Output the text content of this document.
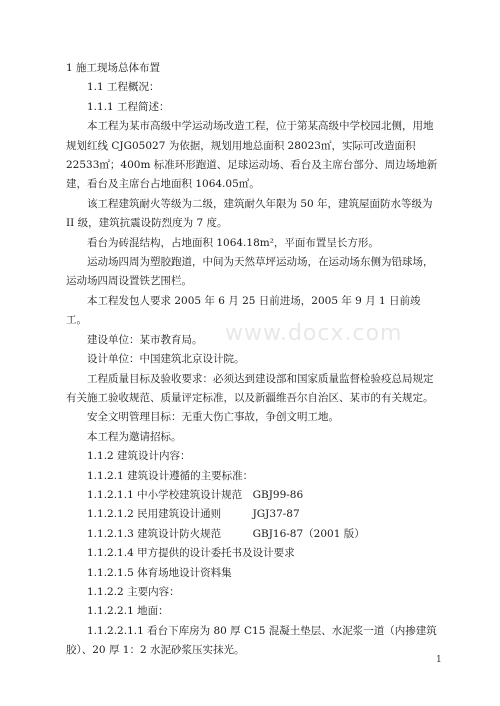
1 施工现场总体布置

1.1 工程概况：

1.1.1 工程简述：

本工程为某市高级中学运动场改造工程，位于第某高级中学校园北侧，用地规划红线 CJG05027 为依据，规划用地总面积 28023㎡，实际可改造面积 22533㎡；400m 标准环形跑道、足球运动场、看台及主席台部分、周边场地新建，看台及主席台占地面积 1064.05㎡。

该工程建筑耐火等级为二级，建筑耐久年限为 50 年，建筑屋面防水等级为 II 级，建筑抗震设防烈度为 7 度。

看台为砖混结构，占地面积 1064.18m²，平面布置呈长方形。

运动场四周为塑胶跑道，中间为天然草坪运动场，在运动场东侧为铅球场，运动场四周设置铁艺围栏。

本工程发包人要求 2005 年 6 月 25 日前进场，2005 年 9 月 1 日前竣工。

建设单位：某市教育局。

设计单位：中国建筑北京设计院。

工程质量目标及验收要求：必须达到建设部和国家质量监督检验疫总局规定有关施工验收规范、质量评定标准，以及新疆维吾尔自治区、某市的有关规定。

安全文明管理目标：无重大伤亡事故，争创文明工地。

本工程为邀请招标。

1.1.2 建筑设计内容：

1.1.2.1 建筑设计遵循的主要标准：

1.1.2.1.1 中小学校建筑设计规范　GBJ99-86

1.1.2.1.2 民用建筑设计通则　　　JGJ37-87

1.1.2.1.3 建筑设计防火规范　　　GBJ16-87（2001 版）

1.1.2.1.4 甲方提供的设计委托书及设计要求

1.1.2.1.5 体育场地设计资料集

1.1.2.2 主要内容：

1.1.2.2.1 地面：

1.1.2.2.1.1 看台下库房为 80 厚 C15 混凝土垫层、水泥浆一道（内掺建筑胶）、20 厚 1：2 水泥砂浆压实抹光。

www.docx.com
1
